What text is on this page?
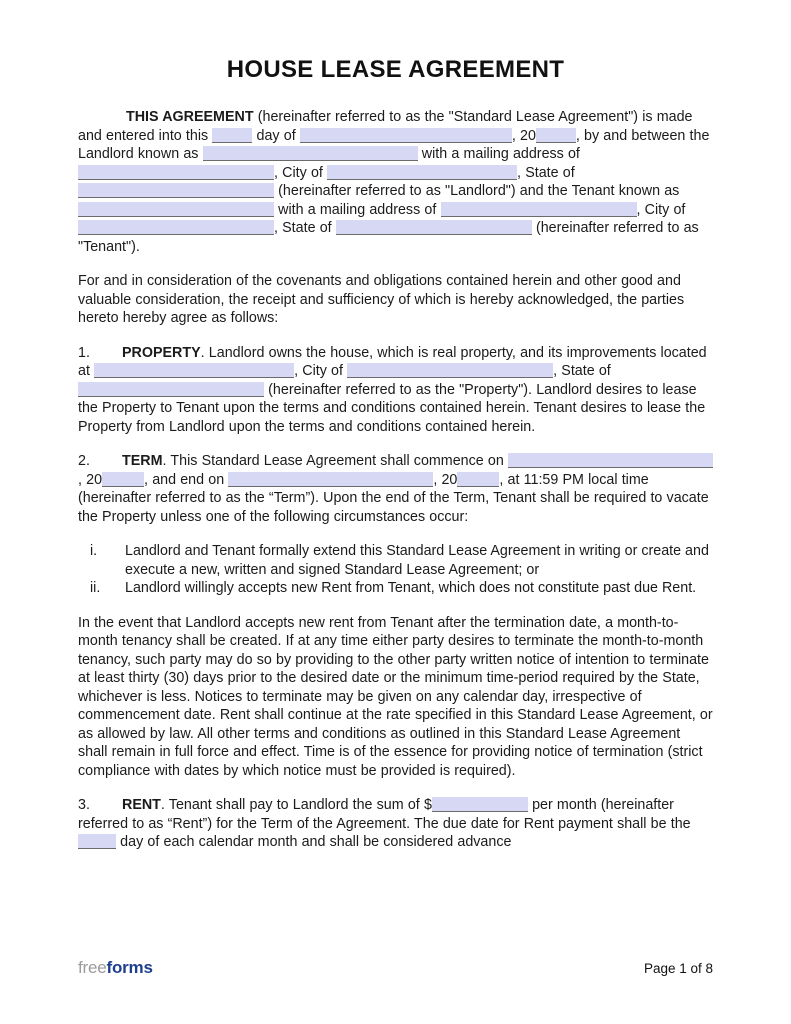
HOUSE LEASE AGREEMENT

THIS AGREEMENT (hereinafter referred to as the "Standard Lease Agreement") is made and entered into this	day of	, 20	, by and between the Landlord known as	with a mailing address of , City of	, State of  (hereinafter referred to as "Landlord") and the Tenant known as  with a mailing address of	, City of , State of	(hereinafter referred to as "Tenant").

For and in consideration of the covenants and obligations contained herein and other good and valuable consideration, the receipt and sufficiency of which is hereby acknowledged, the parties hereto hereby agree as follows:

1. PROPERTY. Landlord owns the house, which is real property, and its improvements located at	, City of	, State of  (hereinafter referred to as the "Property"). Landlord desires to lease the Property to Tenant upon the terms and conditions contained herein. Tenant desires to lease the Property from Landlord upon the terms and conditions contained herein.

2. TERM. This Standard Lease Agreement shall commence on , 20	, and end on	, 20	, at 11:59 PM local time (hereinafter referred to as the “Term”). Upon the end of the Term, Tenant shall be required to vacate the Property unless one of the following circumstances occur:

i.	Landlord and Tenant formally extend this Standard Lease Agreement in writing or create and execute a new, written and signed Standard Lease Agreement; or
ii.	Landlord willingly accepts new Rent from Tenant, which does not constitute past due Rent.

In the event that Landlord accepts new rent from Tenant after the termination date, a month-to-month tenancy shall be created. If at any time either party desires to terminate the month-to-month tenancy, such party may do so by providing to the other party written notice of intention to terminate at least thirty (30) days prior to the desired date or the minimum time-period required by the State, whichever is less. Notices to terminate may be given on any calendar day, irrespective of commencement date. Rent shall continue at the rate specified in this Standard Lease Agreement, or as allowed by law. All other terms and conditions as outlined in this Standard Lease Agreement shall remain in full force and effect. Time is of the essence for providing notice of termination (strict compliance with dates by which notice must be provided is required).

3. RENT. Tenant shall pay to Landlord the sum of $	per month (hereinafter referred to as “Rent”) for the Term of the Agreement. The due date for Rent payment shall be the  day of each calendar month and shall be considered advance

freeforms	Page 1 of 8
